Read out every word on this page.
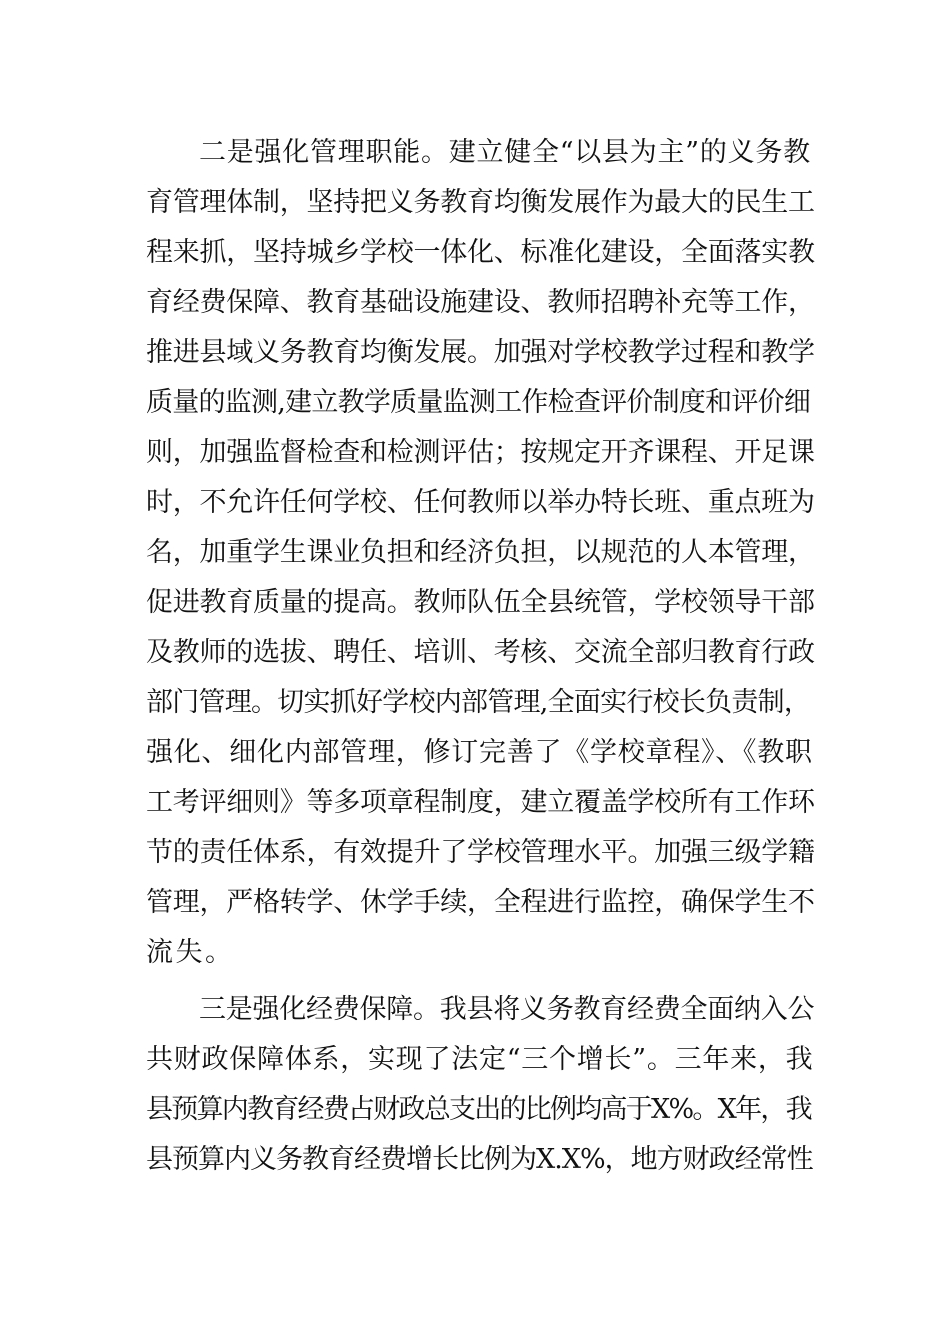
二是强化管理职能。建立健全“以县为主”的义务教
育管理体制，坚持把义务教育均衡发展作为最大的民生工
程来抓，坚持城乡学校一体化、标准化建设，全面落实教
育经费保障、教育基础设施建设、教师招聘补充等工作，
推进县域义务教育均衡发展。加强对学校教学过程和教学
质量的监测,建立教学质量监测工作检查评价制度和评价细
则，加强监督检查和检测评估；按规定开齐课程、开足课
时，不允许任何学校、任何教师以举办特长班、重点班为
名，加重学生课业负担和经济负担，以规范的人本管理，
促进教育质量的提高。教师队伍全县统管，学校领导干部
及教师的选拔、聘任、培训、考核、交流全部归教育行政
部门管理。切实抓好学校内部管理,全面实行校长负责制，
强化、细化内部管理，修订完善了《学校章程》、《教职
工考评细则》等多项章程制度，建立覆盖学校所有工作环
节的责任体系，有效提升了学校管理水平。加强三级学籍
管理，严格转学、休学手续，全程进行监控，确保学生不
流失。
三是强化经费保障。我县将义务教育经费全面纳入公
共财政保障体系，实现了法定“三个增长”。三年来，我
县预算内教育经费占财政总支出的比例均高于X%。X年，我
县预算内义务教育经费增长比例为X.X%，地方财政经常性
